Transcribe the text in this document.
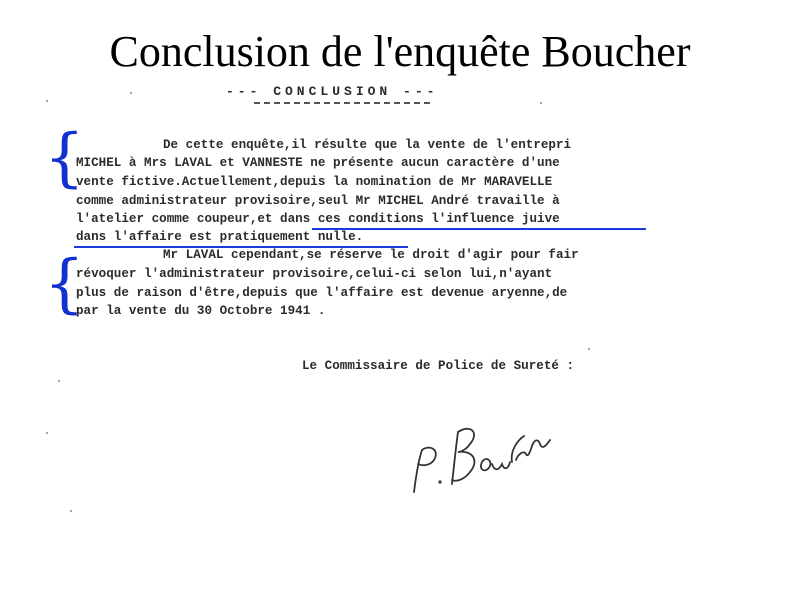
Conclusion de l'enquête Boucher
--- CONCLUSION ---
{
{
De cette enquête,il résulte que la vente de l'entrepri
MICHEL à Mrs LAVAL et VANNESTE ne présente aucun caractère d'une
vente fictive.Actuellement,depuis la nomination de Mr MARAVELLE
comme administrateur provisoire,seul Mr MICHEL André travaille à
l'atelier comme coupeur,et dans ces conditions l'influence juive
dans l'affaire est pratiquement nulle.
Mr LAVAL cependant,se réserve le droit d'agir pour fair
révoquer l'administrateur provisoire,celui-ci selon lui,n'ayant
plus de raison d'être,depuis que l'affaire est devenue aryenne,de
par la vente du 30 Octobre 1941 .
Le Commissaire de Police de Sureté :
